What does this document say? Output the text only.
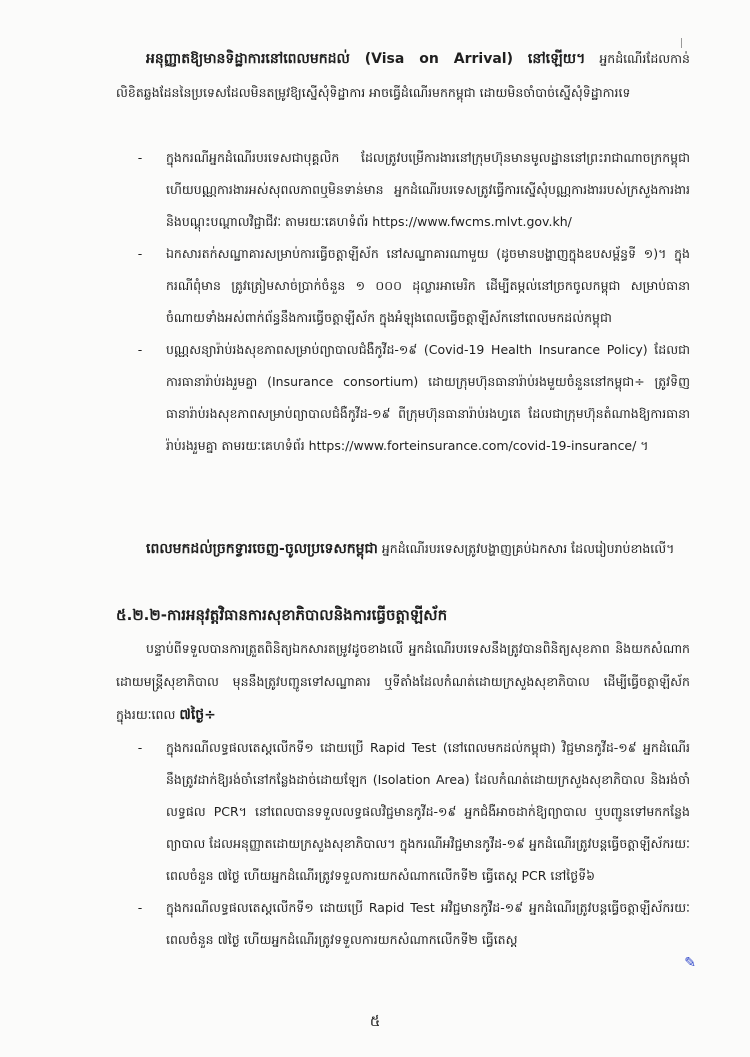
អនុញ្ញាតឱ្យមានទិដ្ឋាការនៅពេលមកដល់ (Visa on Arrival) នៅឡើយ។ អ្នកដំណើរដែលកាន់លិខិតឆ្លងដែននៃប្រទេសដែលមិនតម្រូវឱ្យស្នើសុំទិដ្ឋាការ អាចធ្វើដំណើរមកកម្ពុជា ដោយមិនចាំបាច់ស្នើសុំទិដ្ឋាការទេ
-	ក្នុងករណីអ្នកដំណើរបរទេសជាបុគ្គលិក ដែលត្រូវបម្រើការងារនៅក្រុមហ៊ុនមានមូលដ្ឋាននៅព្រះរាជាណាចក្រកម្ពុជា ហើយបណ្ណការងារអស់សុពលភាពឬមិនទាន់មាន អ្នកដំណើរបរទេសត្រូវធ្វើការស្នើសុំបណ្ណការងាររបស់ក្រសួងការងារនិងបណ្តុះបណ្តាលវិជ្ជាជីវៈ តាមរយៈគេហទំព័រ https://www.fwcms.mlvt.gov.kh/
-	ឯកសារតក់សណ្ឋាគារសម្រាប់ការធ្វើចត្តាឡីស័ក នៅសណ្ឋាគារណាមួយ (ដូចមានបង្ហាញក្នុងឧបសម្ព័ន្ធទី ១)។ ក្នុងករណីពុំមាន ត្រូវត្រៀមសាច់ប្រាក់ចំនួន ១ ០០០ ដុល្លារអាមេរិក ដើម្បីតម្កល់នៅច្រកចូលកម្ពុជា សម្រាប់ធានាចំណាយទាំងអស់ពាក់ព័ន្ធនឹងការធ្វើចត្តាឡីស័ក ក្នុងអំឡុងពេលធ្វើចត្តាឡីស័កនៅពេលមកដល់កម្ពុជា
-	បណ្ណសន្យារ៉ាប់រងសុខភាពសម្រាប់ព្យាបាលជំងឺកូវីដ-១៩ (Covid-19 Health Insurance Policy) ដែលជាការធានារ៉ាប់រងរួមគ្នា (Insurance consortium) ដោយក្រុមហ៊ុនធានារ៉ាប់រងមួយចំនួននៅកម្ពុជា÷ ត្រូវទិញធានារ៉ាប់រងសុខភាពសម្រាប់ព្យាបាលជំងឺកូវីដ-១៩ ពីក្រុមហ៊ុនធានារ៉ាប់រងហ្វតេ ដែលជាក្រុមហ៊ុនតំណាងឱ្យការធានារ៉ាប់រងរួមគ្នា តាមរយៈគេហទំព័រ https://www.forteinsurance.com/covid-19-insurance/ ។
ពេលមកដល់ច្រកទ្វារចេញ-ចូលប្រទេសកម្ពុជា អ្នកដំណើរបរទេសត្រូវបង្ហាញគ្រប់ឯកសារ ដែលរៀបរាប់ខាងលើ។
៥.២.២-ការអនុវត្តវិធានការសុខាភិបាលនិងការធ្វើចត្តាឡីស័ក
បន្ទាប់ពីទទួលបានការត្រួតពិនិត្យឯកសារតម្រូវដូចខាងលើ អ្នកដំណើរបរទេសនឹងត្រូវបានពិនិត្យសុខភាព និងយកសំណាកដោយមន្ត្រីសុខាភិបាល មុននឹងត្រូវបញ្ជូនទៅសណ្ឋាគារ ឬទីតាំងដែលកំណត់ដោយក្រសួងសុខាភិបាល ដើម្បីធ្វើចត្តាឡីស័ក ក្នុងរយៈពេល ៧ថ្ងៃ÷
-	ក្នុងករណីលទ្ធផលតេស្តលើកទី១ ដោយប្រើ Rapid Test (នៅពេលមកដល់កម្ពុជា) វិជ្ជមានកូវីដ-១៩ អ្នកដំណើរនឹងត្រូវដាក់ឱ្យរង់ចាំនៅកន្លែងដាច់ដោយឡែក (Isolation Area) ដែលកំណត់ដោយក្រសួងសុខាភិបាល និងរង់ចាំលទ្ធផល PCR។ នៅពេលបានទទួលលទ្ធផលវិជ្ជមានកូវីដ-១៩ អ្នកជំងឺអាចដាក់ឱ្យព្យាបាល ឬបញ្ជូនទៅមកកន្លែងព្យាបាល ដែលអនុញ្ញាតដោយក្រសួងសុខាភិបាល។ ក្នុងករណីអវិជ្ជមានកូវីដ-១៩ អ្នកដំណើរត្រូវបន្តធ្វើចត្តាឡីស័ករយៈពេលចំនួន ៧ថ្ងៃ ហើយអ្នកដំណើរត្រូវទទួលការយកសំណាកលើកទី២ ធ្វើតេស្ត PCR នៅថ្ងៃទី៦
-	ក្នុងករណីលទ្ធផលតេស្តលើកទី១ ដោយប្រើ Rapid Test អវិជ្ជមានកូវីដ-១៩ អ្នកដំណើរត្រូវបន្តធ្វើចត្តាឡីស័ករយៈពេលចំនួន ៧ថ្ងៃ ហើយអ្នកដំណើរត្រូវទទួលការយកសំណាកលើកទី២ ធ្វើតេស្ត
✎
៥
